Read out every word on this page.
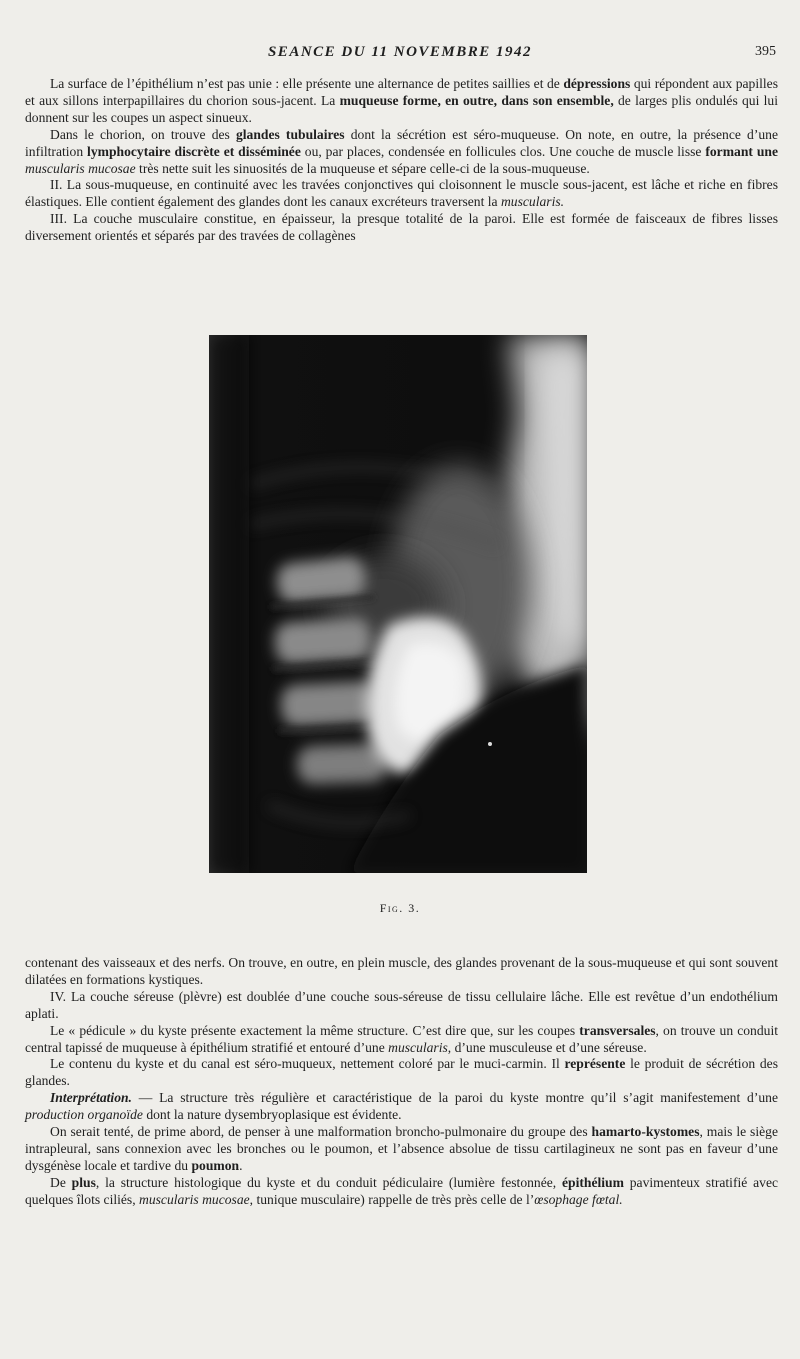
SEANCE DU 11 NOVEMBRE 1942	395

La surface de l’épithélium n’est pas unie : elle présente une alternance de petites saillies et de dépressions qui répondent aux papilles et aux sillons interpapillaires du chorion sous-jacent. La muqueuse forme, en outre, dans son ensemble, de larges plis ondulés qui lui donnent sur les coupes un aspect sinueux.

Dans le chorion, on trouve des glandes tubulaires dont la sécrétion est séro-muqueuse. On note, en outre, la présence d’une infiltration lymphocytaire discrète et disséminée ou, par places, condensée en follicules clos. Une couche de muscle lisse formant une muscularis mucosae très nette suit les sinuosités de la muqueuse et sépare celle-ci de la sous-muqueuse.

II. La sous-muqueuse, en continuité avec les travées conjonctives qui cloisonnent le muscle sous-jacent, est lâche et riche en fibres élastiques. Elle contient également des glandes dont les canaux excréteurs traversent la muscularis.

III. La couche musculaire constitue, en épaisseur, la presque totalité de la paroi. Elle est formée de faisceaux de fibres lisses diversement orientés et séparés par des travées de collagènes

Fig. 3.

contenant des vaisseaux et des nerfs. On trouve, en outre, en plein muscle, des glandes provenant de la sous-muqueuse et qui sont souvent dilatées en formations kystiques.

IV. La couche séreuse (plèvre) est doublée d’une couche sous-séreuse de tissu cellulaire lâche. Elle est revêtue d’un endothélium aplati.

Le « pédicule » du kyste présente exactement la même structure. C’est dire que, sur les coupes transversales, on trouve un conduit central tapissé de muqueuse à épithélium stratifié et entouré d’une muscularis, d’une musculeuse et d’une séreuse.

Le contenu du kyste et du canal est séro-muqueux, nettement coloré par le muci-carmin. Il représente le produit de sécrétion des glandes.

Interprétation. — La structure très régulière et caractéristique de la paroi du kyste montre qu’il s’agit manifestement d’une production organoïde dont la nature dysembryoplasique est évidente.

On serait tenté, de prime abord, de penser à une malformation broncho-pulmonaire du groupe des hamarto-kystomes, mais le siège intrapleural, sans connexion avec les bronches ou le poumon, et l’absence absolue de tissu cartilagineux ne sont pas en faveur d’une dysgénèse locale et tardive du poumon.

De plus, la structure histologique du kyste et du conduit pédiculaire (lumière festonnée, épithélium pavimenteux stratifié avec quelques îlots ciliés, muscularis mucosae, tunique musculaire) rappelle de très près celle de l’œsophage fœtal.
